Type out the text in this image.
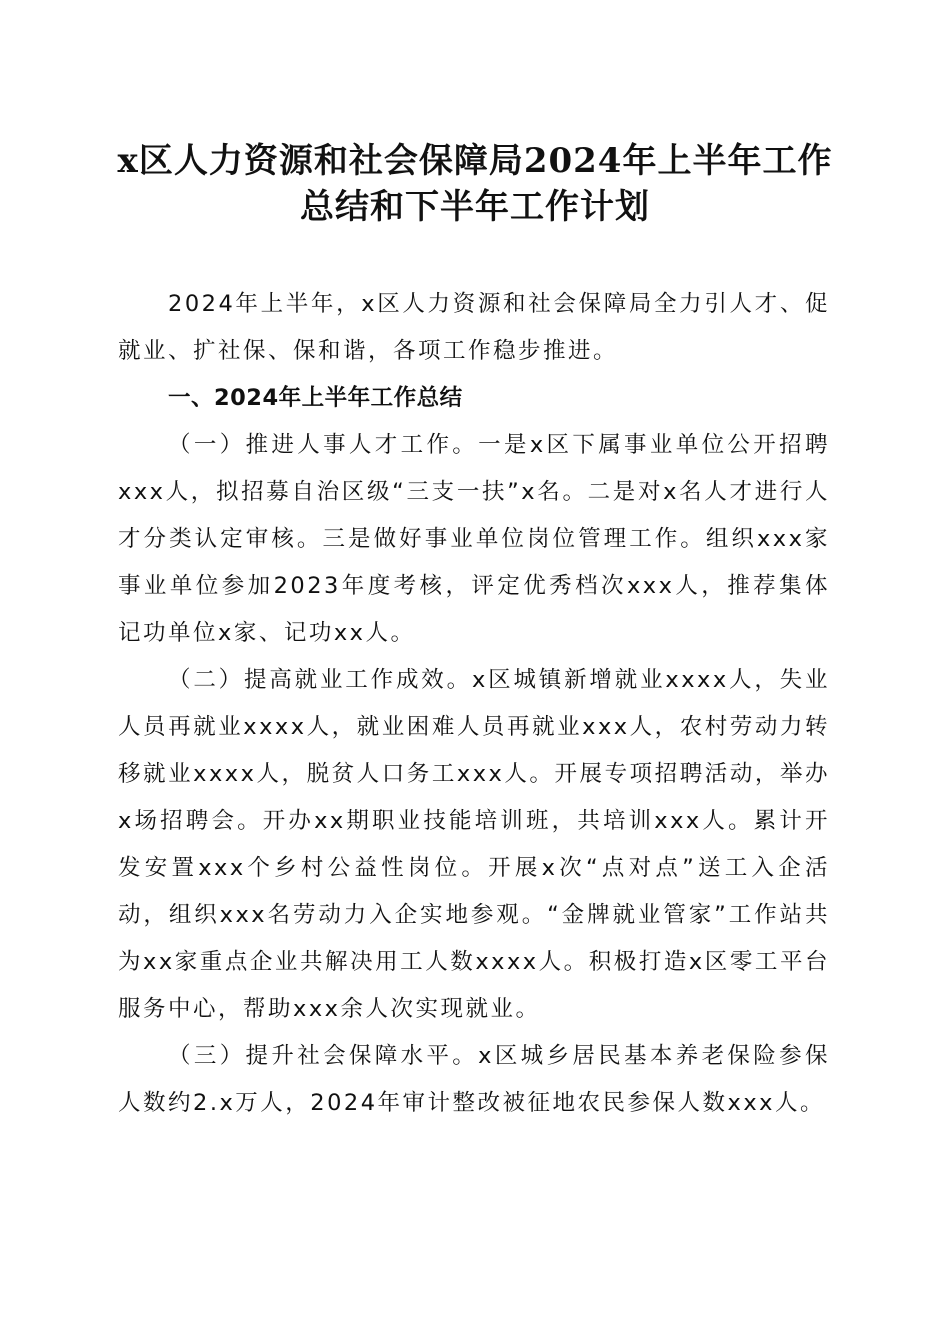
x区人力资源和社会保障局2024年上半年工作
总结和下半年工作计划

2024年上半年，x区人力资源和社会保障局全力引人才、促就业、扩社保、保和谐，各项工作稳步推进。

一、2024年上半年工作总结

（一）推进人事人才工作。一是x区下属事业单位公开招聘xxx人，拟招募自治区级“三支一扶”x名。二是对x名人才进行人才分类认定审核。三是做好事业单位岗位管理工作。组织xxx家事业单位参加2023年度考核，评定优秀档次xxx人，推荐集体记功单位x家、记功xx人。

（二）提高就业工作成效。x区城镇新增就业xxxx人，失业人员再就业xxxx人，就业困难人员再就业xxx人，农村劳动力转移就业xxxx人，脱贫人口务工xxx人。开展专项招聘活动，举办x场招聘会。开办xx期职业技能培训班，共培训xxx人。累计开发安置xxx个乡村公益性岗位。开展x次“点对点”送工入企活动，组织xxx名劳动力入企实地参观。“金牌就业管家”工作站共为xx家重点企业共解决用工人数xxxx人。积极打造x区零工平台服务中心，帮助xxx余人次实现就业。

（三）提升社会保障水平。x区城乡居民基本养老保险参保人数约2.x万人，2024年审计整改被征地农民参保人数xxx人。
